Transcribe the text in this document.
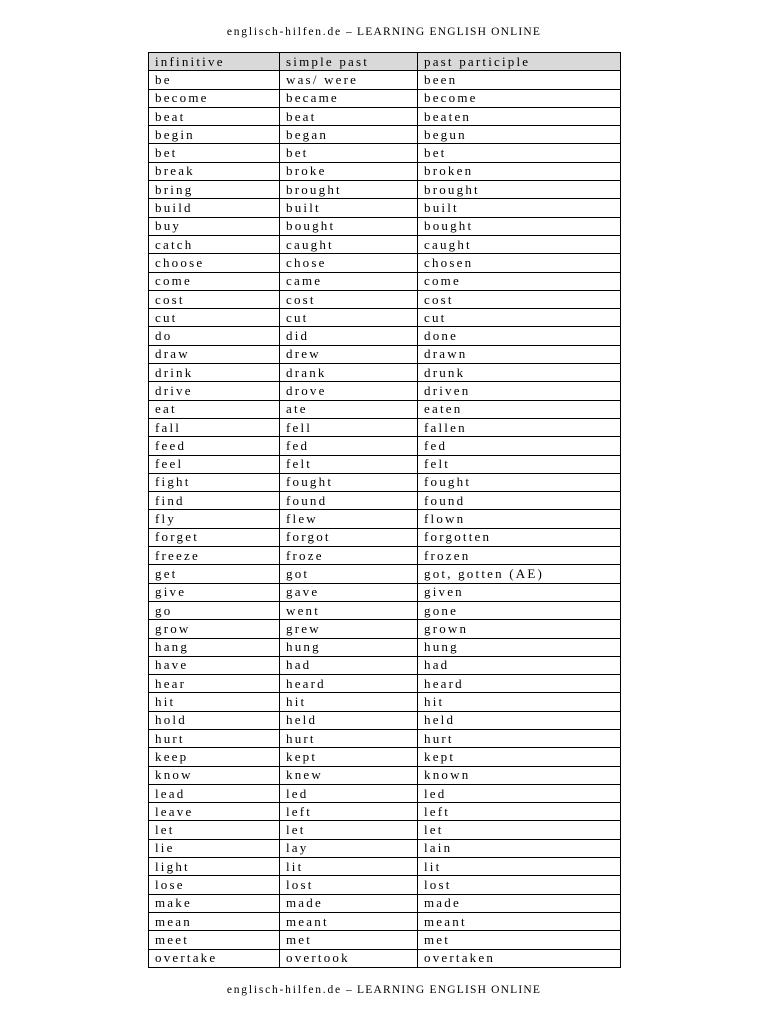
englisch-hilfen.de – LEARNING ENGLISH ONLINE
infinitive	simple past	past participle
be	was/ were	been
become	became	become
beat	beat	beaten
begin	began	begun
bet	bet	bet
break	broke	broken
bring	brought	brought
build	built	built
buy	bought	bought
catch	caught	caught
choose	chose	chosen
come	came	come
cost	cost	cost
cut	cut	cut
do	did	done
draw	drew	drawn
drink	drank	drunk
drive	drove	driven
eat	ate	eaten
fall	fell	fallen
feed	fed	fed
feel	felt	felt
fight	fought	fought
find	found	found
fly	flew	flown
forget	forgot	forgotten
freeze	froze	frozen
get	got	got, gotten (AE)
give	gave	given
go	went	gone
grow	grew	grown
hang	hung	hung
have	had	had
hear	heard	heard
hit	hit	hit
hold	held	held
hurt	hurt	hurt
keep	kept	kept
know	knew	known
lead	led	led
leave	left	left
let	let	let
lie	lay	lain
light	lit	lit
lose	lost	lost
make	made	made
mean	meant	meant
meet	met	met
overtake	overtook	overtaken
englisch-hilfen.de – LEARNING ENGLISH ONLINE
